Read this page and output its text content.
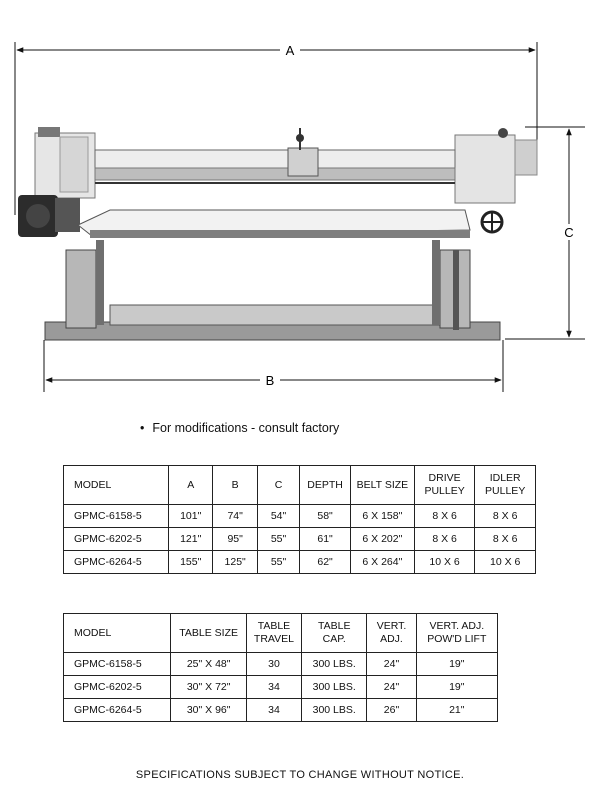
A
B
C
• For modifications - consult factory
MODEL	A	B	C	DEPTH	BELT SIZE	DRIVE PULLEY	IDLER PULLEY
GPMC-6158-5	101"	74"	54"	58"	6 X 158"	8 X 6	8 X 6
GPMC-6202-5	121"	95"	55"	61"	6 X 202"	8 X 6	8 X 6
GPMC-6264-5	155"	125"	55"	62"	6 X 264"	10 X 6	10 X 6
MODEL	TABLE SIZE	TABLE TRAVEL	TABLE CAP.	VERT. ADJ.	VERT. ADJ. POW'D LIFT
GPMC-6158-5	25" X 48"	30	300 LBS.	24"	19"
GPMC-6202-5	30" X 72"	34	300 LBS.	24"	19"
GPMC-6264-5	30" X 96"	34	300 LBS.	26"	21"
SPECIFICATIONS SUBJECT TO CHANGE WITHOUT NOTICE.
